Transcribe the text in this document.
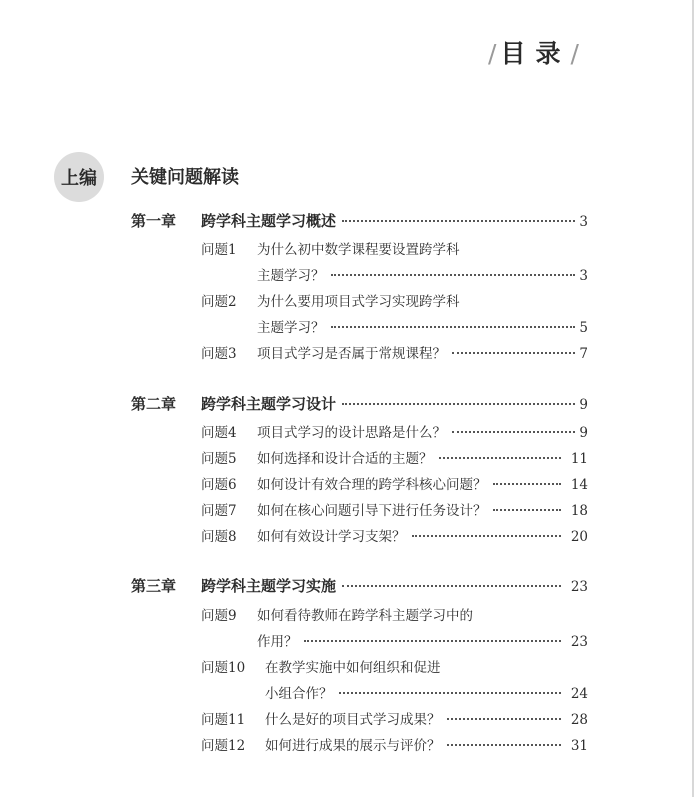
/ 目录/
上编	关键问题解读
第一章	跨学科主题学习概述	3
问题1	为什么初中数学课程要设置跨学科
主题学习？	3
问题2	为什么要用项目式学习实现跨学科
主题学习？	5
问题3	项目式学习是否属于常规课程？	7
第二章	跨学科主题学习设计	9
问题4	项目式学习的设计思路是什么？	9
问题5	如何选择和设计合适的主题？	11
问题6	如何设计有效合理的跨学科核心问题？	14
问题7	如何在核心问题引导下进行任务设计？	18
问题8	如何有效设计学习支架？	20
第三章	跨学科主题学习实施	23
问题9	如何看待教师在跨学科主题学习中的
作用？	23
问题10	在教学实施中如何组织和促进
小组合作？	24
问题11	什么是好的项目式学习成果？	28
问题12	如何进行成果的展示与评价？	31
